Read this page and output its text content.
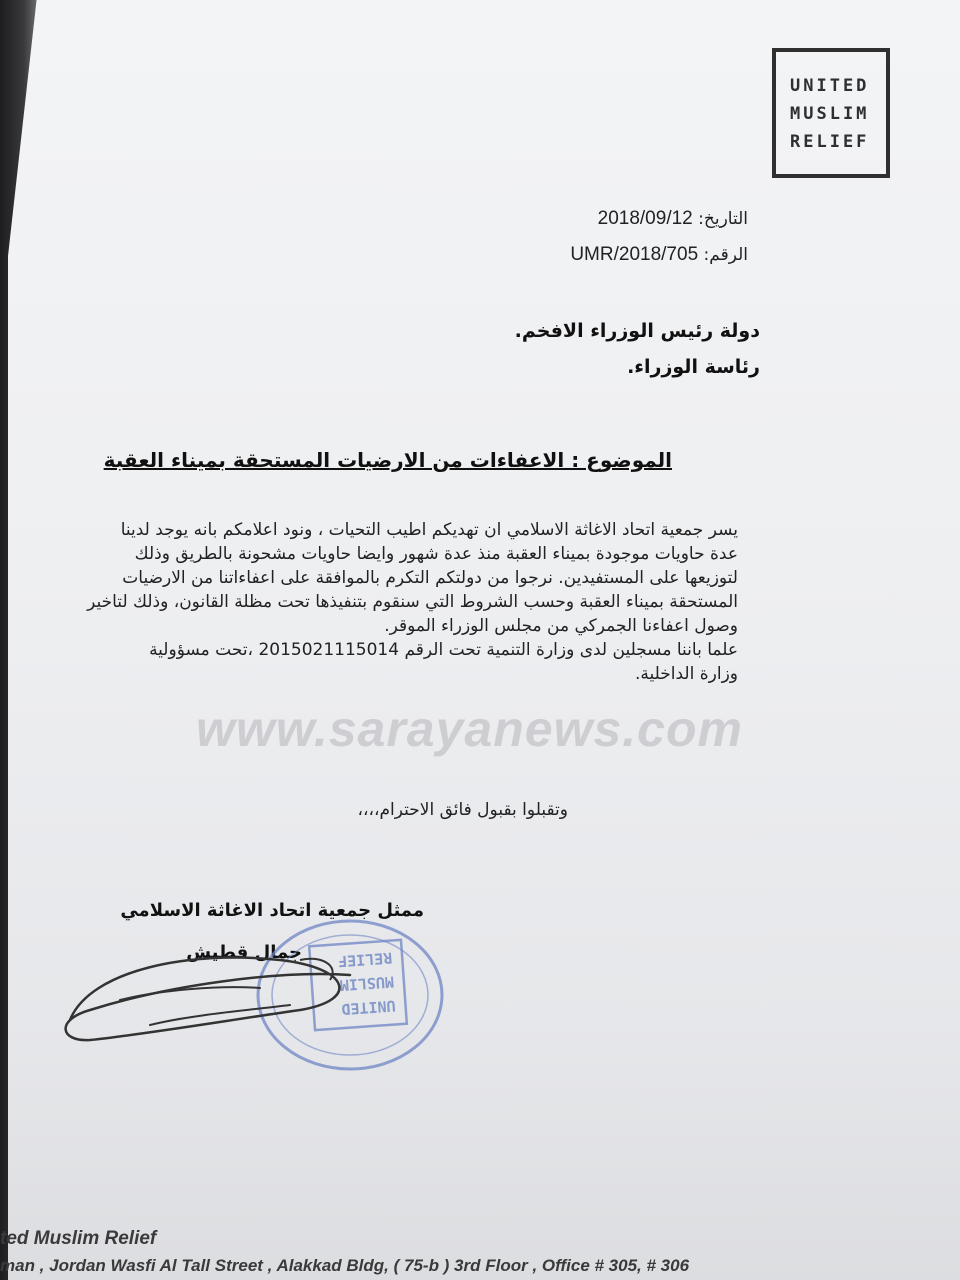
UNITED
MUSLIM
RELIEF
التاريخ: 2018/09/12
الرقم: 2018/705/UMR
دولة رئيس الوزراء الافخم.
رئاسة الوزراء.
الموضوع : الاعفاءات من الارضيات المستحقة بميناء العقبة
يسر جمعية اتحاد الاغاثة الاسلامي ان تهديكم اطيب التحيات ، ونود اعلامكم بانه يوجد لدينا
عدة حاويات موجودة بميناء العقبة منذ عدة شهور وايضا حاويات مشحونة بالطريق وذلك
لتوزيعها على المستفيدين. نرجوا من دولتكم التكرم بالموافقة على اعفاءاتنا من الارضيات
المستحقة بميناء العقبة وحسب الشروط التي سنقوم بتنفيذها تحت مظلة القانون، وذلك لتاخير
وصول اعفاءنا الجمركي من مجلس الوزراء الموقر.
علما باننا مسجلين لدى وزارة التنمية تحت الرقم 2015021115014 ،تحت مسؤولية
وزارة الداخلية.
www.sarayanews.com
وتقبلوا بقبول فائق الاحترام،،،،
ممثل جمعية اتحاد الاغاثة الاسلامي
جمال قطيش
UNITED
MUSLIM
RELIEF
ted Muslim Relief
man , Jordan Wasfi Al Tall Street , Alakkad Bldg, ( 75-b ) 3rd Floor , Office # 305, # 306
